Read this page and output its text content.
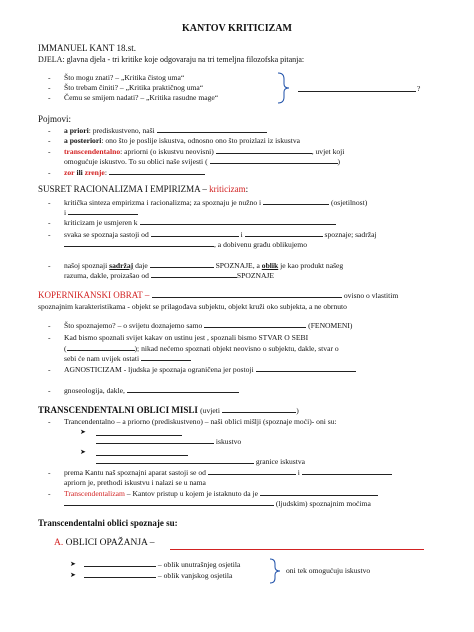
KANTOV KRITICIZAM
IMMANUEL KANT 18.st.
DJELA: glavna djela - tri kritike koje odgovaraju na tri temeljna filozofska pitanja:
- Što mogu znati? – „Kritika čistog uma“
- Što trebam činiti? – „Kritika praktičnog uma“
- Čemu se smijem nadati? – „Kritika rasudne mage“
?
Pojmovi:
- a priori: prediskustveno, naši
- a posteriori: ono što je poslije iskustva, odnosno ono što proizlazi iz iskustva
- transcendentalno: apriorni (o iskustvu neovisni)	, uvjet koji
omogućuje iskustvo. To su oblici naše svijesti (	)
- zor ili zrenje:
SUSRET RACIONALIZMA I EMPIRIZMA – kriticizam:
- kritička sinteza empirizma i racionalizma; za spoznaju je nužno i	(osjetilnost)
i
- kriticizam je usmjeren k
- svaka se spoznaja sastoji od	i	spoznaje; sadržaj
, a dobivenu građu oblikujemo
- našoj spoznaji sadržaj daje	SPOZNAJE, a oblik je kao produkt našeg
razuma, dakle, proizašao od	SPOZNAJE
KOPERNIKANSKI OBRAT –	ovisno o vlastitim
spoznajnim karakteristikama - objekt se prilagođava subjektu, objekt kruži oko subjekta, a ne obrnuto
- Što spoznajemo? – o svijetu doznajemo samo	(FENOMENI)
- Kad bismo spoznali svijet kakav on ustinu jest , spoznali bismo STVAR O SEBI
(	); nikad nećemo spoznati objekt neovisno o subjektu, dakle, stvar o
sebi će nam uvijek ostati
- AGNOSTICIZAM - ljudska je spoznaja ograničena jer postoji
- gnoseologija, dakle,
TRANSCENDENTALNI OBLICI MISLI (uvjeti	)
- Trancendentalno – a priorno (prediskustveno) – naši oblici mišlji (spoznaje moći)- oni su:
➤
iskustvo
➤
granice iskustva
- prema Kantu naš spoznajni aparat sastoji se od	i
apriorn je, prethodi iskustvu i nalazi se u nama
- Transcendentalizam – Kantov pristup u kojem je istaknuto da je
(ljudskim) spoznajnim moćima
Transcendentalni oblici spoznaje su:
A. OBLICI OPAŽANJA –
➤	– oblik unutrašnjeg osjetila
➤	– oblik vanjskog osjetila
oni tek omogućuju iskustvo
